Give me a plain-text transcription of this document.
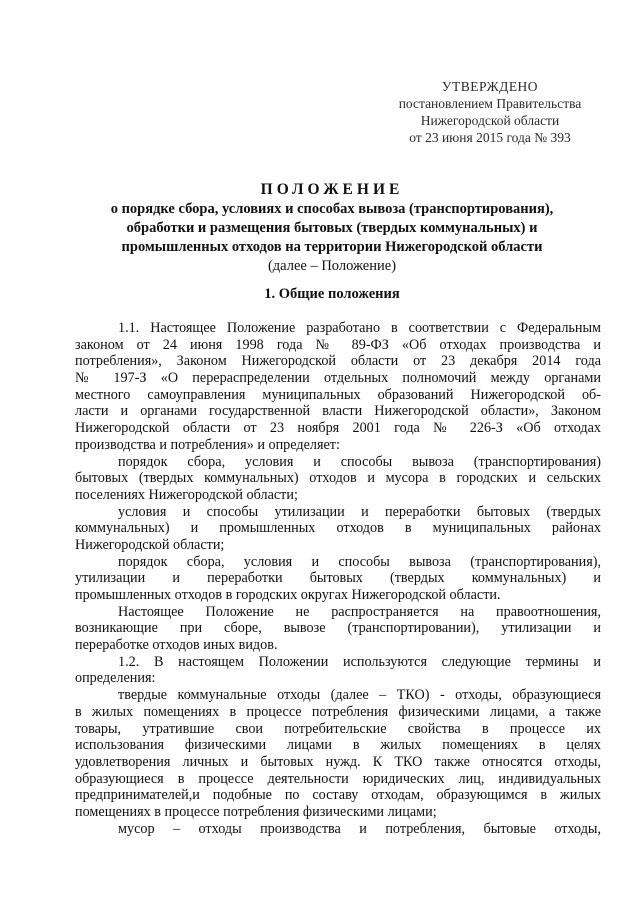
УТВЕРЖДЕНО
постановлением Правительства
Нижегородской области
от 23 июня 2015 года № 393
ПОЛОЖЕНИЕ
о порядке сбора, условиях и способах вывоза (транспортирования),
обработки и размещения бытовых (твердых коммунальных) и
промышленных отходов на территории Нижегородской области
(далее – Положение)
1. Общие положения
1.1. Настоящее Положение разработано в соответствии с Федеральным
законом от 24 июня 1998 года № 89-ФЗ «Об отходах производства и
потребления», Законом Нижегородской области от 23 декабря 2014 года
№ 197-З «О перераспределении отдельных полномочий между органами
местного самоуправления муниципальных образований Нижегородской об-
ласти и органами государственной власти Нижегородской области», Законом
Нижегородской области от 23 ноября 2001 года № 226-З «Об отходах
производства и потребления» и определяет:
порядок сбора, условия и способы вывоза (транспортирования)
бытовых (твердых коммунальных) отходов и мусора в городских и сельских
поселениях Нижегородской области;
условия и способы утилизации и переработки бытовых (твердых
коммунальных) и промышленных отходов в муниципальных районах
Нижегородской области;
порядок сбора, условия и способы вывоза (транспортирования),
утилизации и переработки бытовых (твердых коммунальных) и
промышленных отходов в городских округах Нижегородской области.
Настоящее Положение не распространяется на правоотношения,
возникающие при сборе, вывозе (транспортировании), утилизации и
переработке отходов иных видов.
1.2. В настоящем Положении используются следующие термины и
определения:
твердые коммунальные отходы (далее – ТКО) - отходы, образующиеся
в жилых помещениях в процессе потребления физическими лицами, а также
товары, утратившие свои потребительские свойства в процессе их
использования физическими лицами в жилых помещениях в целях
удовлетворения личных и бытовых нужд. К ТКО также относятся отходы,
образующиеся в процессе деятельности юридических лиц, индивидуальных
предпринимателей,и подобные по составу отходам, образующимся в жилых
помещениях в процессе потребления физическими лицами;
мусор – отходы производства и потребления, бытовые отходы,
